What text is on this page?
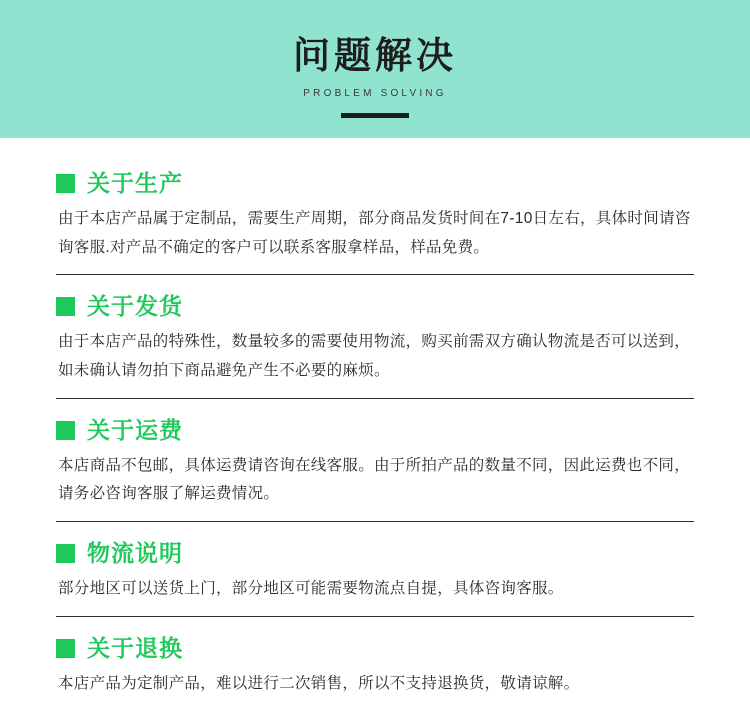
问题解决
PROBLEM SOLVING
关于生产
由于本店产品属于定制品，需要生产周期，部分商品发货时间在7-10日左右，具体时间请咨询客服.对产品不确定的客户可以联系客服拿样品，样品免费。
关于发货
由于本店产品的特殊性，数量较多的需要使用物流，购买前需双方确认物流是否可以送到，如未确认请勿拍下商品避免产生不必要的麻烦。
关于运费
本店商品不包邮，具体运费请咨询在线客服。由于所拍产品的数量不同，因此运费也不同，请务必咨询客服了解运费情况。
物流说明
部分地区可以送货上门，部分地区可能需要物流点自提，具体咨询客服。
关于退换
本店产品为定制产品，难以进行二次销售，所以不支持退换货，敬请谅解。
